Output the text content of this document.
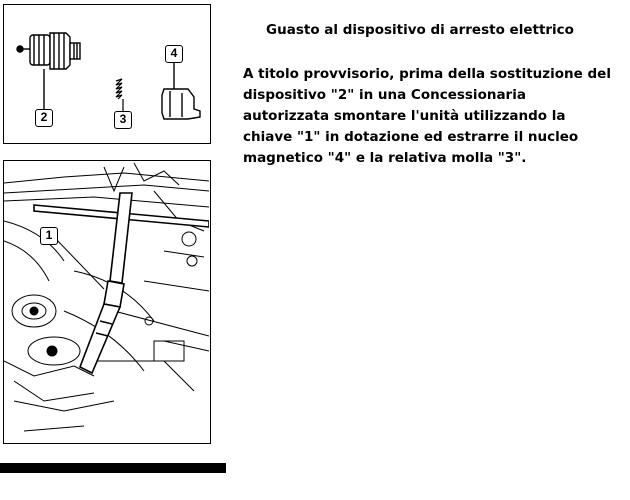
2	3
4
1
Guasto al dispositivo di arresto elettrico
A titolo provvisorio, prima della sostituzione del dispositivo "2" in una Concessionaria autorizzata smontare l'unità utilizzando la chiave "1" in dotazione ed estrarre il nucleo magnetico "4" e la relativa molla "3".
